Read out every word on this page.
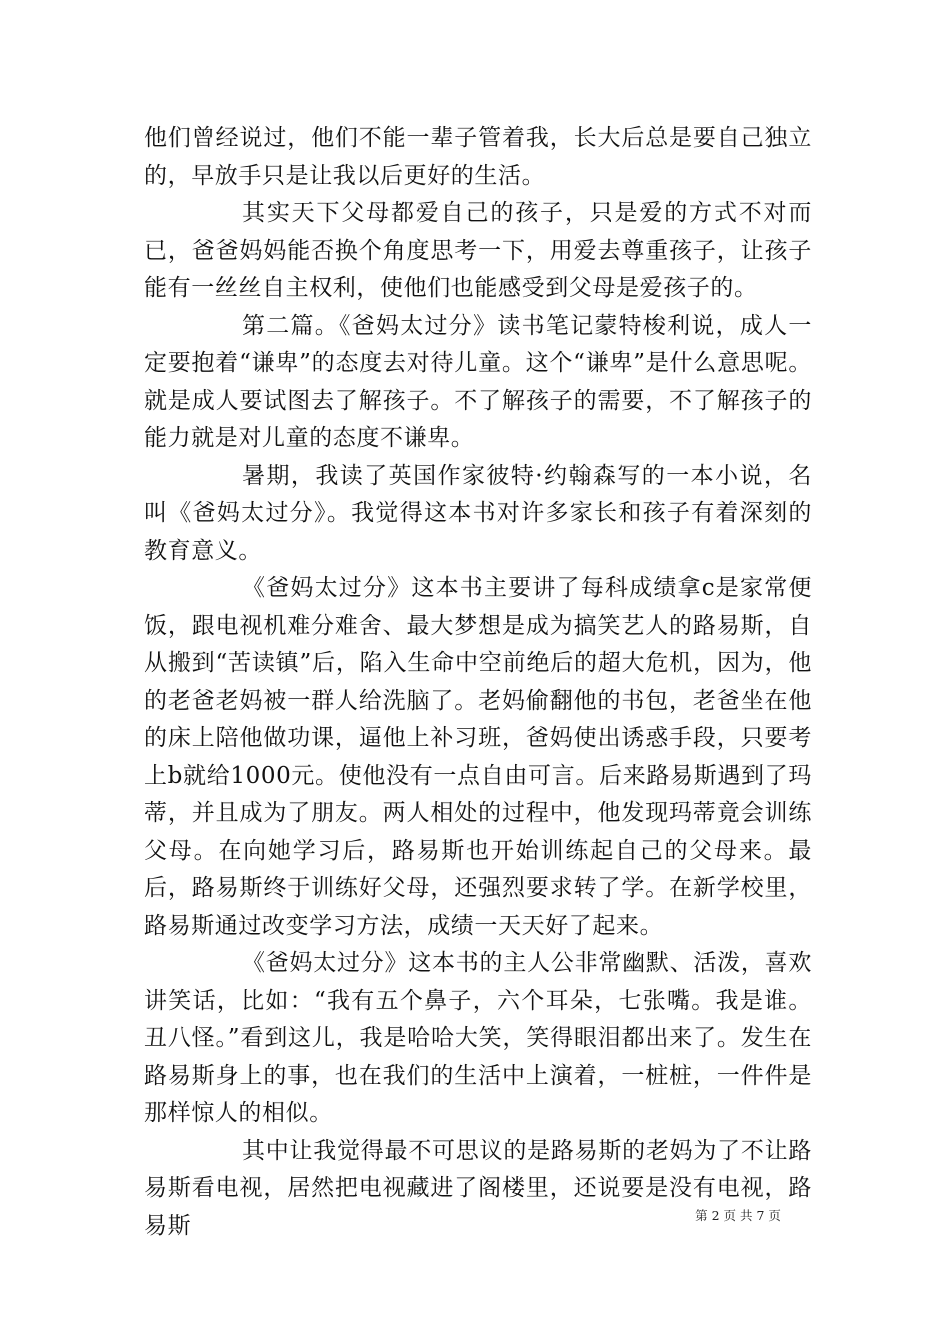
他们曾经说过，他们不能一辈子管着我，长大后总是要自己独立的，早放手只是让我以后更好的生活。

其实天下父母都爱自己的孩子，只是爱的方式不对而已，爸爸妈妈能否换个角度思考一下，用爱去尊重孩子，让孩子能有一丝丝自主权利，使他们也能感受到父母是爱孩子的。

第二篇。《爸妈太过分》读书笔记蒙特梭利说，成人一定要抱着“谦卑”的态度去对待儿童。这个“谦卑”是什么意思呢。就是成人要试图去了解孩子。不了解孩子的需要，不了解孩子的能力就是对儿童的态度不谦卑。

暑期，我读了英国作家彼特·约翰森写的一本小说，名叫《爸妈太过分》。我觉得这本书对许多家长和孩子有着深刻的教育意义。

《爸妈太过分》这本书主要讲了每科成绩拿c是家常便饭，跟电视机难分难舍、最大梦想是成为搞笑艺人的路易斯，自从搬到“苦读镇”后，陷入生命中空前绝后的超大危机，因为，他的老爸老妈被一群人给洗脑了。老妈偷翻他的书包，老爸坐在他的床上陪他做功课，逼他上补习班，爸妈使出诱惑手段，只要考上b就给1000元。使他没有一点自由可言。后来路易斯遇到了玛蒂，并且成为了朋友。两人相处的过程中，他发现玛蒂竟会训练父母。在向她学习后，路易斯也开始训练起自己的父母来。最后，路易斯终于训练好父母，还强烈要求转了学。在新学校里，路易斯通过改变学习方法，成绩一天天好了起来。

《爸妈太过分》这本书的主人公非常幽默、活泼，喜欢讲笑话，比如：“我有五个鼻子，六个耳朵，七张嘴。我是谁。丑八怪。”看到这儿，我是哈哈大笑，笑得眼泪都出来了。发生在路易斯身上的事，也在我们的生活中上演着，一桩桩，一件件是那样惊人的相似。

其中让我觉得最不可思议的是路易斯的老妈为了不让路易斯看电视，居然把电视藏进了阁楼里，还说要是没有电视，路易斯	第 2 页 共 7 页
